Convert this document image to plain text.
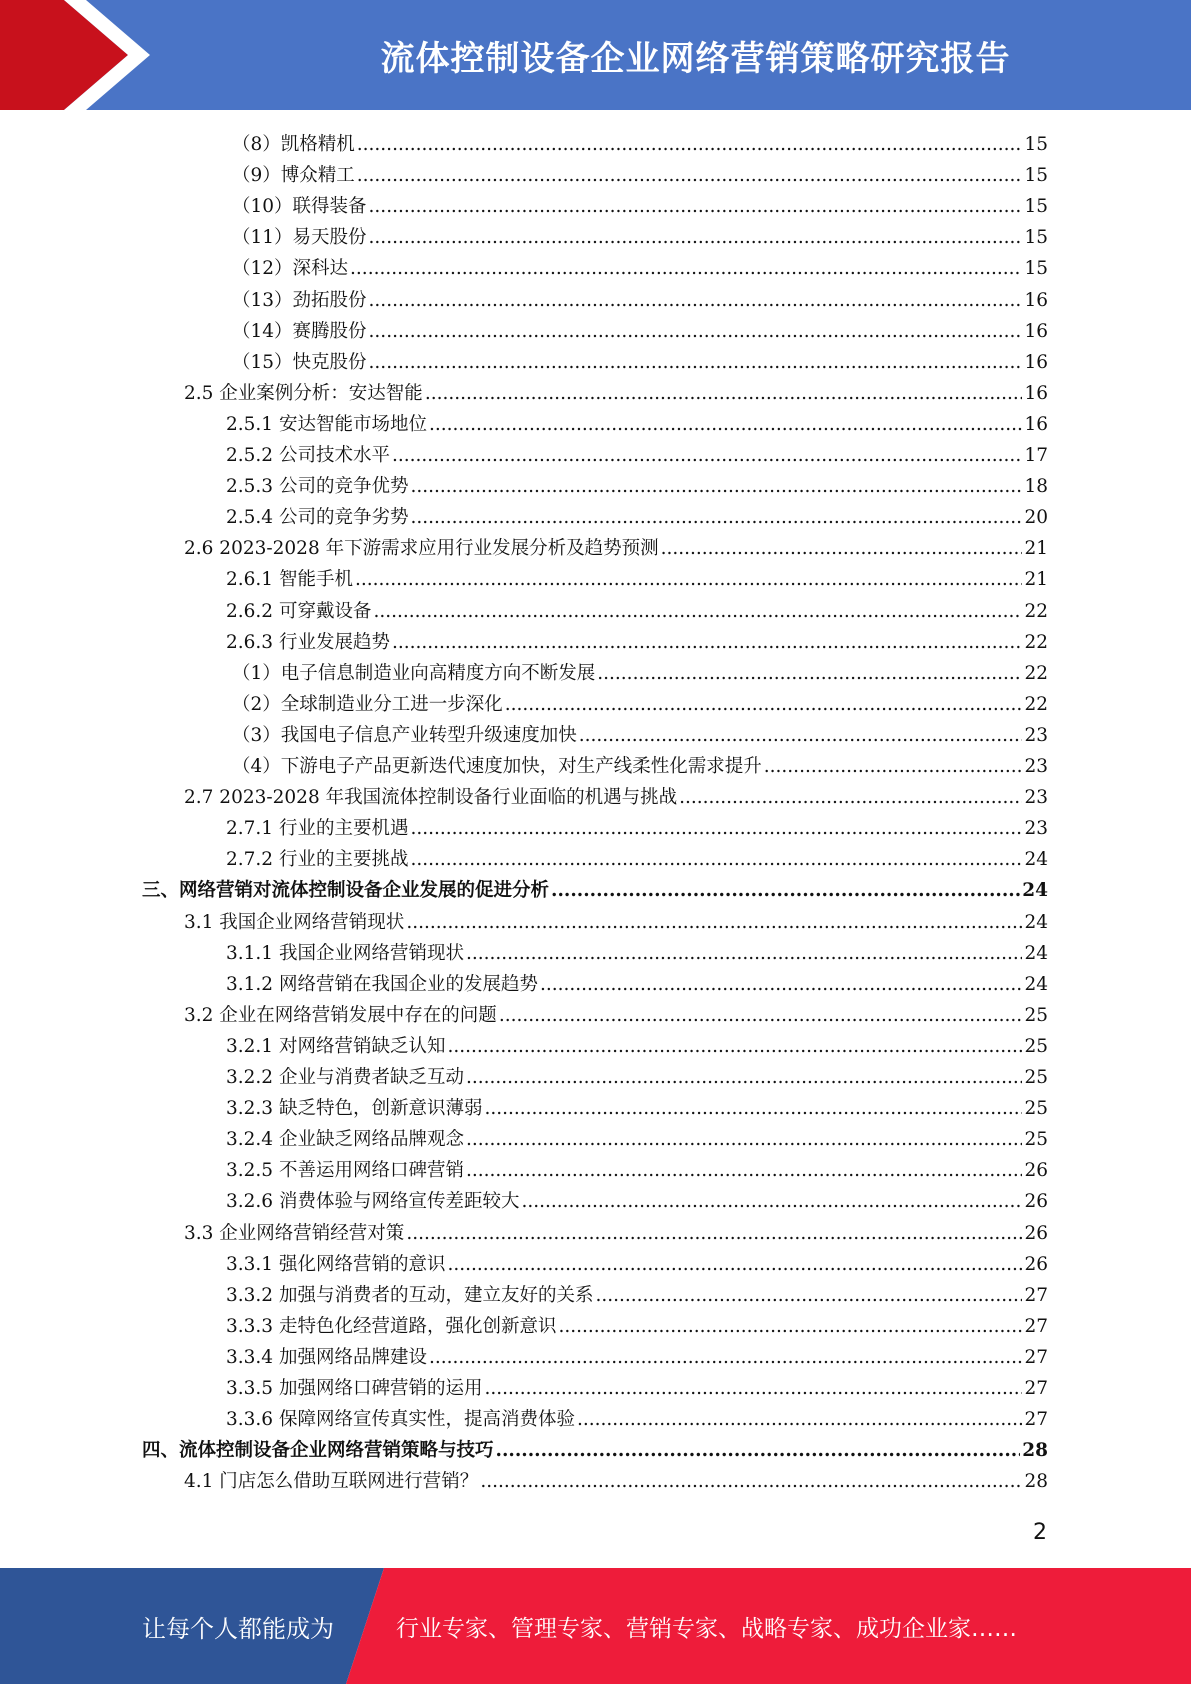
流体控制设备企业网络营销策略研究报告
（8）凯格精机 .....	15
（9）博众精工 .....	15
（10）联得装备 .....	15
（11）易天股份 .....	15
（12）深科达 .....	15
（13）劲拓股份 .....	16
（14）赛腾股份 .....	16
（15）快克股份 .....	16
2.5 企业案例分析：安达智能 .....	16
2.5.1 安达智能市场地位 .....	16
2.5.2 公司技术水平 .....	17
2.5.3 公司的竞争优势 .....	18
2.5.4 公司的竞争劣势 .....	20
2.6 2023-2028 年下游需求应用行业发展分析及趋势预测 .....	21
2.6.1 智能手机 .....	21
2.6.2 可穿戴设备 .....	22
2.6.3 行业发展趋势 .....	22
（1）电子信息制造业向高精度方向不断发展 .....	22
（2）全球制造业分工进一步深化 .....	22
（3）我国电子信息产业转型升级速度加快 .....	23
（4）下游电子产品更新迭代速度加快，对生产线柔性化需求提升 .....	23
2.7 2023-2028 年我国流体控制设备行业面临的机遇与挑战 .....	23
2.7.1 行业的主要机遇 .....	23
2.7.2 行业的主要挑战 .....	24
三、网络营销对流体控制设备企业发展的促进分析 .....	24
3.1 我国企业网络营销现状 .....	24
3.1.1 我国企业网络营销现状 .....	24
3.1.2 网络营销在我国企业的发展趋势 .....	24
3.2 企业在网络营销发展中存在的问题 .....	25
3.2.1 对网络营销缺乏认知 .....	25
3.2.2 企业与消费者缺乏互动 .....	25
3.2.3 缺乏特色，创新意识薄弱 .....	25
3.2.4 企业缺乏网络品牌观念 .....	25
3.2.5 不善运用网络口碑营销 .....	26
3.2.6 消费体验与网络宣传差距较大 .....	26
3.3 企业网络营销经营对策 .....	26
3.3.1 强化网络营销的意识 .....	26
3.3.2 加强与消费者的互动，建立友好的关系 .....	27
3.3.3 走特色化经营道路，强化创新意识 .....	27
3.3.4 加强网络品牌建设 .....	27
3.3.5 加强网络口碑营销的运用 .....	27
3.3.6 保障网络宣传真实性，提高消费体验 .....	27
四、流体控制设备企业网络营销策略与技巧 .....	28
4.1 门店怎么借助互联网进行营销？ .....	28
2
让每个人都能成为	行业专家、管理专家、营销专家、战略专家、成功企业家……
